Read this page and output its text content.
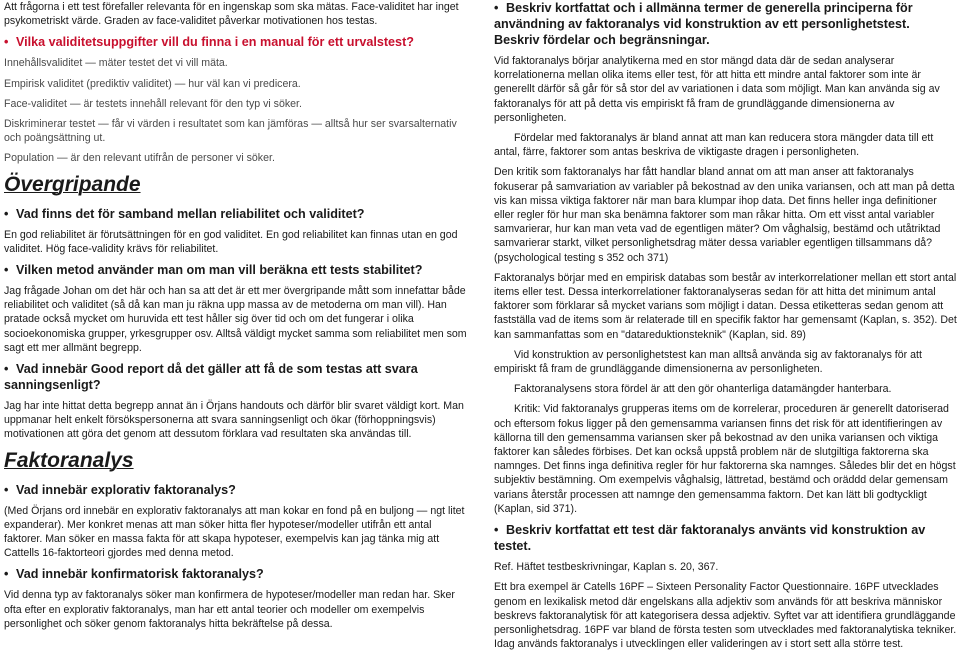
Att frågorna i ett test förefaller relevanta för en ingenskap som ska mätas. Face-validitet har inget psykometriskt värde. Graden av face-validitet påverkar motivationen hos testas.

• Vilka validitetsuppgifter vill du finna i en manual för ett urvalstest?

Innehållsvaliditet — mäter testet det vi vill mäta.

Empirisk validitet (prediktiv validitet) — hur väl kan vi predicera.

Face-validitet — är testets innehåll relevant för den typ vi söker.

Diskriminerar testet — får vi värden i resultatet som kan jämföras — alltså hur ser svarsalternativ och poängsättning ut.

Population — är den relevant utifrån de personer vi söker.

Övergripande
• Vad finns det för samband mellan reliabilitet och validitet?

En god reliabilitet är förutsättningen för en god validitet. En god reliabilitet kan finnas utan en god validitet. Hög face-validity krävs för reliabilitet.

• Vilken metod använder man om man vill beräkna ett tests stabilitet?

Jag frågade Johan om det här och han sa att det är ett mer övergripande mått som innefattar både reliabilitet och validitet (så då kan man ju räkna upp massa av de metoderna om man vill). Han pratade också mycket om huruvida ett test håller sig över tid och om det fungerar i olika socioekonomiska grupper, yrkesgrupper osv. Alltså väldigt mycket samma som reliabilitet men som sagt ett mer allmänt begrepp.

• Vad innebär Good report då det gäller att få de som testas att svara sanningsenligt?

Jag har inte hittat detta begrepp annat än i Örjans handouts och därför blir svaret väldigt kort. Man uppmanar helt enkelt försökspersonerna att svara sanningsenligt och ökar (förhoppningsvis) motivationen att göra det genom att dessutom förklara vad resultaten ska användas till.

Faktoranalys
• Vad innebär explorativ faktoranalys?

(Med Örjans ord innebär en explorativ faktoranalys att man kokar en fond på en buljong — ngt litet expanderar). Mer konkret menas att man söker hitta fler hypoteser/modeller utifrån ett antal faktorer. Man söker en massa fakta för att skapa hypoteser, exempelvis kan jag tänka mig att Cattells 16-faktorteori gjordes med denna metod.

• Vad innebär konfirmatorisk faktoranalys?

Vid denna typ av faktoranalys söker man konfirmera de hypoteser/modeller man redan har. Sker ofta efter en explorativ faktoranalys, man har ett antal teorier och modeller om exempelvis personlighet och söker genom faktoranalys hitta bekräftelse på dessa.

• Beskriv kortfattat och i allmänna termer de generella principerna för användning av faktoranalys vid konstruktion av ett personlighetstest. Beskriv fördelar och begränsningar.

Vid faktoranalys börjar analytikerna med en stor mängd data där de sedan analyserar korrelationerna mellan olika items eller test, för att hitta ett mindre antal faktorer som inte är generellt därför så går för så stor del av variationen i data som möjligt. Man kan använda sig av faktoranalys för att på detta vis empiriskt få fram de grundläggande dimensionerna av personligheten.

Fördelar med faktoranalys är bland annat att man kan reducera stora mängder data till ett antal, färre, faktorer som antas beskriva de viktigaste dragen i personligheten.

Den kritik som faktoranalys har fått handlar bland annat om att man anser att faktoranalys fokuserar på samvariation av variabler på bekostnad av den unika variansen, och att man på detta vis kan missa viktiga faktorer när man bara klumpar ihop data. Det finns heller inga definitioner eller regler för hur man ska benämna faktorer som man råkar hitta. Om ett visst antal variabler samvarierar, hur kan man veta vad de egentligen mäter? Om våghalsig, bestämd och utåtriktad samvarierar starkt, vilket personlighetsdrag mäter dessa variabler egentligen tillsammans då? (psychological testing s 352 och 371)

Faktoranalys börjar med en empirisk databas som består av interkorrelationer mellan ett stort antal items eller test. Dessa interkorrelationer faktoranalyseras sedan för att hitta det minimum antal faktorer som förklarar så mycket varians som möjligt i datan. Dessa etiketteras sedan genom att fastställa vad de items som är relaterade till en specifik faktor har gemensamt (Kaplan, s. 352). Det kan sammanfattas som en "datareduktionsteknik" (Kaplan, sid. 89)

Vid konstruktion av personlighetstest kan man alltså använda sig av faktoranalys för att empiriskt få fram de grundläggande dimensionerna av personligheten.

Faktoranalysens stora fördel är att den gör ohanterliga datamängder hanterbara.

Kritik: Vid faktoranalys grupperas items om de korrelerar, proceduren är generellt datoriserad och eftersom fokus ligger på den gemensamma variansen finns det risk för att identifieringen av källorna till den gemensamma variansen sker på bekostnad av den unika variansen och viktiga faktorer kan således förbises. Det kan också uppstå problem när de slutgiltiga faktorerna ska namnges. Det finns inga definitiva regler för hur faktorerna ska namnges. Således blir det en högst subjektiv bestämning. Om exempelvis våghalsig, lättretad, bestämd och oräddd delar gemensam varians återstår processen att namnge den gemensamma faktorn. Det kan lätt bli godtyckligt (Kaplan, sid 371).

• Beskriv kortfattat ett test där faktoranalys använts vid konstruktion av testet.

Ref. Häftet testbeskrivningar, Kaplan s. 20, 367.

Ett bra exempel är Catells 16PF – Sixteen Personality Factor Questionnaire. 16PF utvecklades genom en lexikalisk metod där engelskans alla adjektiv som används för att beskriva människor beskrevs faktoranalytisk för att kategorisera dessa adjektiv. Syftet var att identifiera grundläggande personlighetsdrag. 16PF var bland de första testen som utvecklades med faktoranalytiska tekniker. Idag används faktoranalys i utvecklingen eller valideringen av i stort sett alla större test.
